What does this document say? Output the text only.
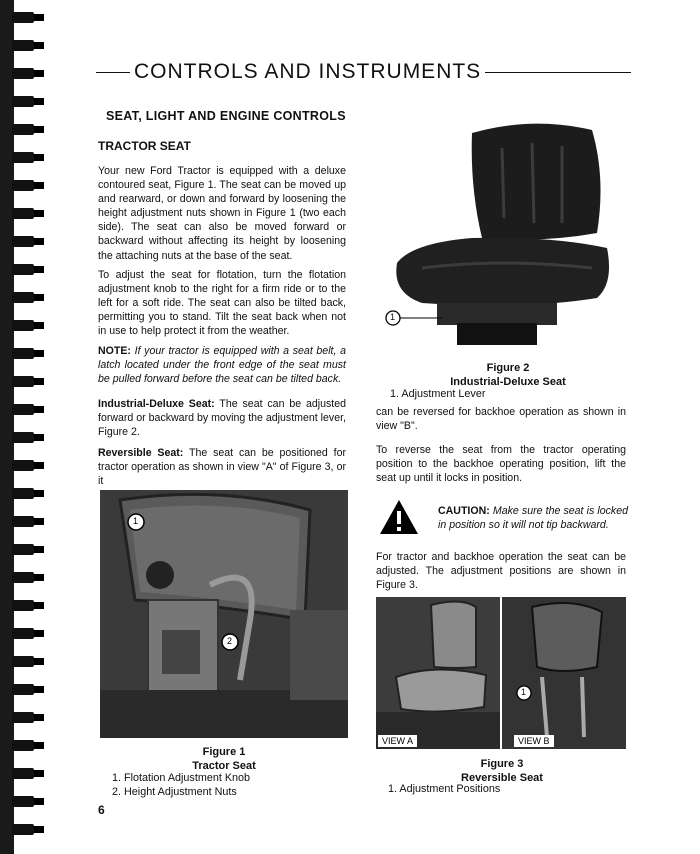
CONTROLS AND INSTRUMENTS
SEAT, LIGHT AND ENGINE CONTROLS
TRACTOR SEAT
Your new Ford Tractor is equipped with a deluxe contoured seat, Figure 1. The seat can be moved up and rearward, or down and forward by loosening the height adjustment nuts shown in Figure 1 (two each side). The seat can also be moved forward or backward without affecting its height by loosening the attaching nuts at the base of the seat.
To adjust the seat for flotation, turn the flotation adjustment knob to the right for a firm ride or to the left for a soft ride. The seat can also be tilted back, permitting you to stand. Tilt the seat back when not in use to help protect it from the weather.
NOTE: If your tractor is equipped with a seat belt, a latch located under the front edge of the seat must be pulled forward before the seat can be tilted back.
Industrial-Deluxe Seat: The seat can be adjusted forward or backward by moving the adjustment lever, Figure 2.
Reversible Seat: The seat can be positioned for tractor operation as shown in view "A" of Figure 3, or it
1
2
Figure 1
Tractor Seat
1. Flotation Adjustment Knob
2. Height Adjustment Nuts
1
Figure 2
Industrial-Deluxe Seat
1. Adjustment Lever
can be reversed for backhoe operation as shown in view "B".
To reverse the seat from the tractor operating position to the backhoe operating position, lift the seat up until it locks in position.
CAUTION: Make sure the seat is locked in position so it will not tip backward.
For tractor and backhoe operation the seat can be adjusted. The adjustment positions are shown in Figure 3.
VIEW A
1
VIEW B
Figure 3
Reversible Seat
1. Adjustment Positions
6
